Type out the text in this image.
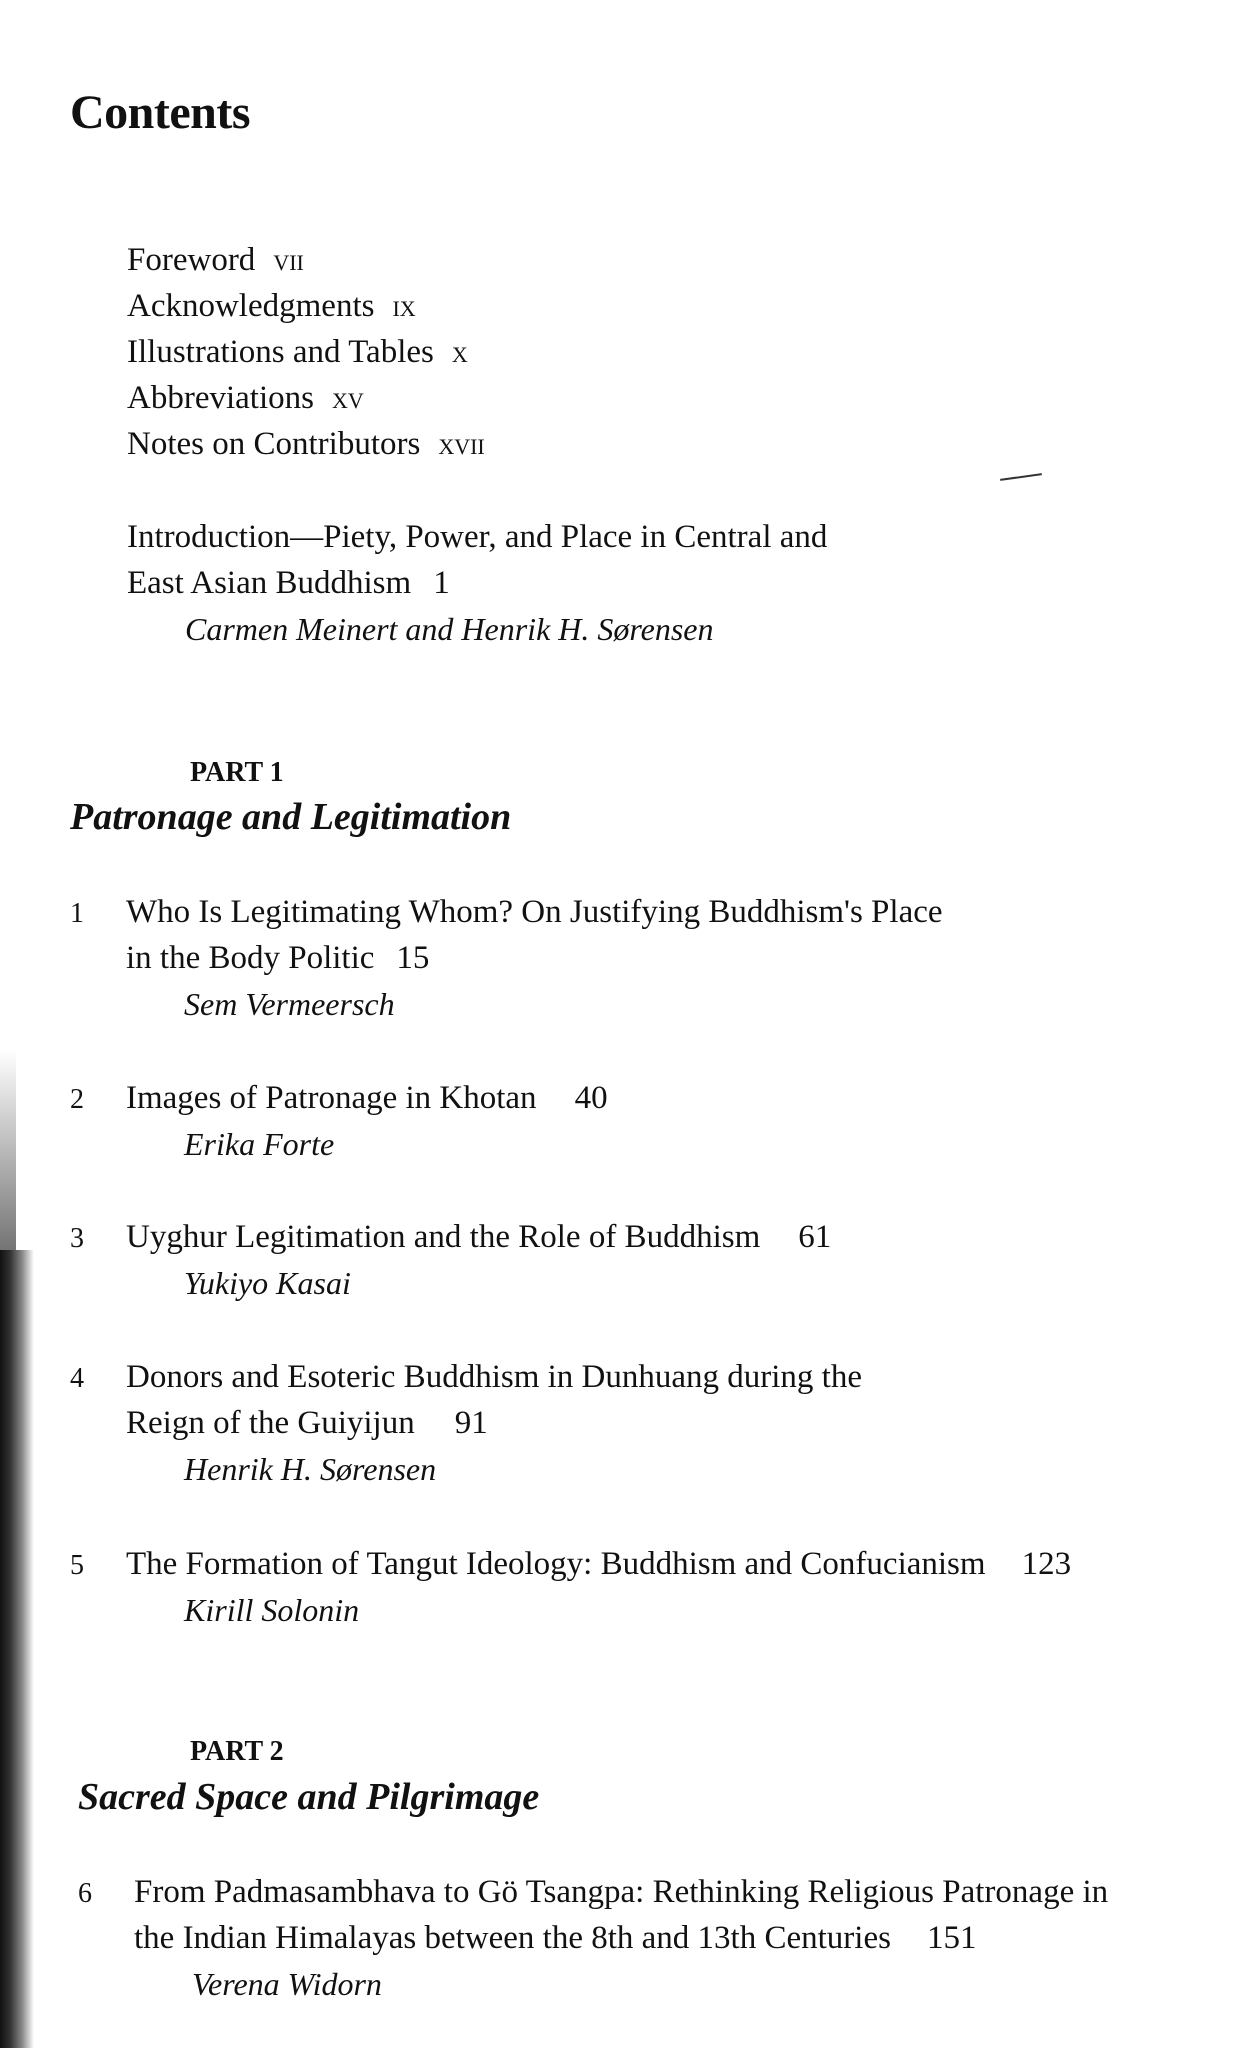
Contents
Foreword vii
Acknowledgments ix
Illustrations and Tables x
Abbreviations xv
Notes on Contributors xvii
Introduction—Piety, Power, and Place in Central and
East Asian Buddhism 1
Carmen Meinert and Henrik H. Sørensen
PART 1
Patronage and Legitimation
1 Who Is Legitimating Whom? On Justifying Buddhism's Place
in the Body Politic 15
Sem Vermeersch
2 Images of Patronage in Khotan 40
Erika Forte
3 Uyghur Legitimation and the Role of Buddhism 61
Yukiyo Kasai
4 Donors and Esoteric Buddhism in Dunhuang during the
Reign of the Guiyijun 91
Henrik H. Sørensen
5 The Formation of Tangut Ideology: Buddhism and Confucianism 123
Kirill Solonin
PART 2
Sacred Space and Pilgrimage
6 From Padmasambhava to Gö Tsangpa: Rethinking Religious Patronage in
the Indian Himalayas between the 8th and 13th Centuries 151
Verena Widorn
